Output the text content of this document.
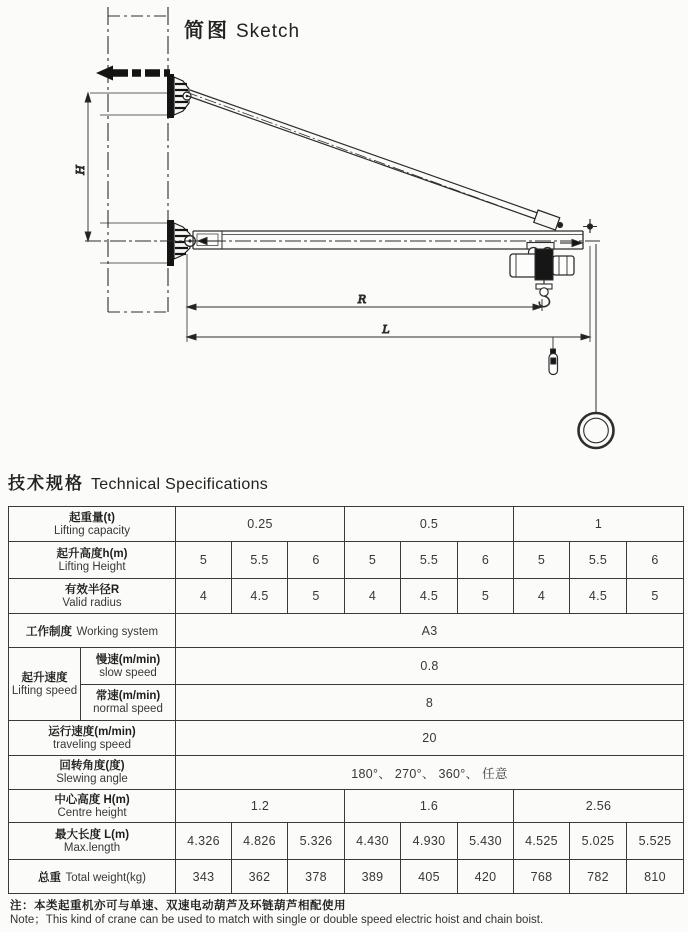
H
R
L
简图 Sketch
技术规格 Technical Specifications
起重量(t)
Lifting capacity		0.25			0.5			1		

起升高度h(m)
Lifting Height		5	5.5	6	5	5.5	6	5	5.5	6

有效半径R
Valid radius		4	4.5	5	4	4.5	5	4	4.5	5
工作制度 Working system		A3								

起升速度
Lifting speed

慢速(m/min)
slow speed	0.8

	常速(m/min)
normal speed	8								

运行速度(m/min)
traveling speed		20								

回转角度(度)
Slewing angle		180°、 270°、 360°、 任意								

中心高度 H(m)
Centre height		1.2			1.6			2.56		

最大长度 L(m)
Max.length		4.326	4.826	5.326	4.430	4.930	5.430	4.525	5.025	5.525
总重 Total weight(kg)		343	362	378	389	405	420	768	782	810
注：本类起重机亦可与单速、双速电动葫芦及环链葫芦相配使用
Note；This kind of crane can be used to match with single or double speed electric hoist and chain boist.
